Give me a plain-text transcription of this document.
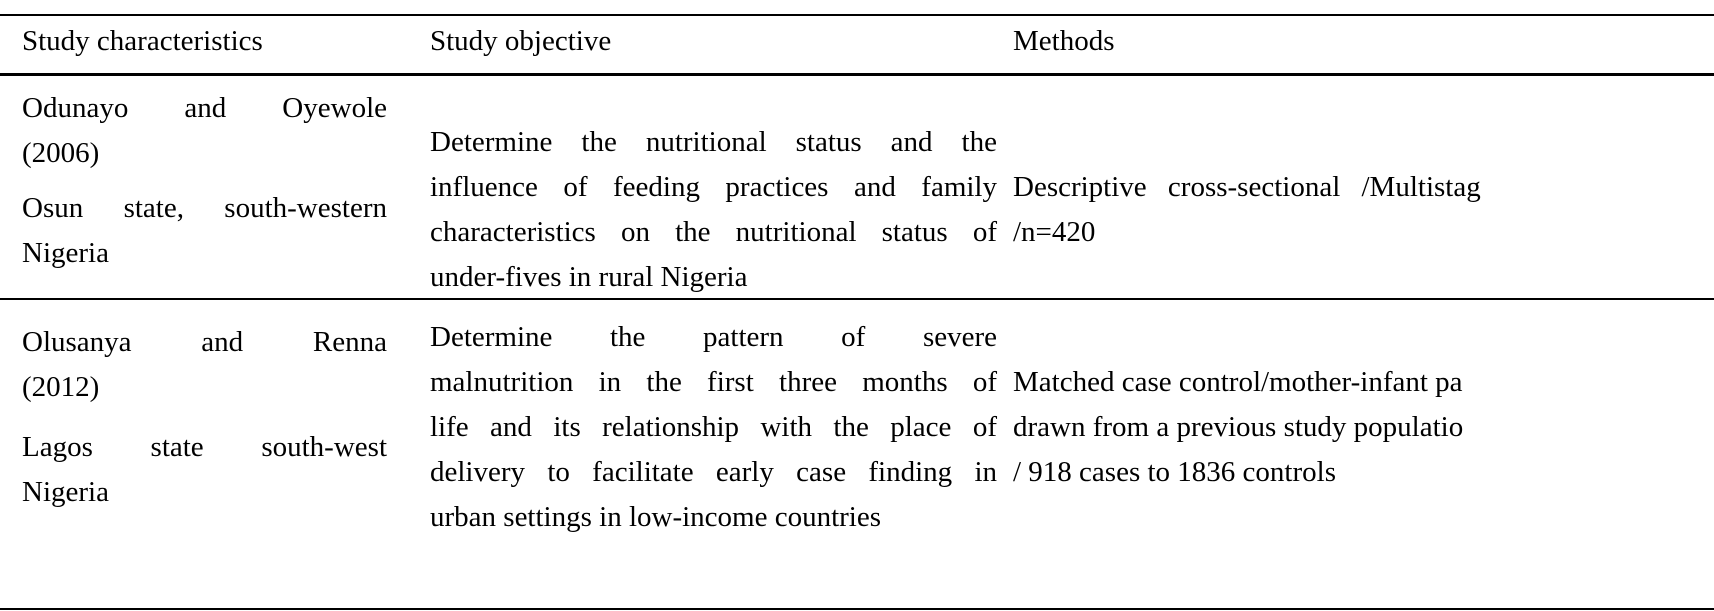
Study characteristics	Study objective	Methods
Odunayo and Oyewole
(2006)
Osun state, south-western
Nigeria
Determine the nutritional status and the
influence of feeding practices and family
characteristics on the nutritional status of
under-fives in rural Nigeria
Descriptive cross-sectional /Multistag
/n=420
Olusanya and Renna
(2012)
Lagos state south-west
Nigeria
Determine the pattern of severe
malnutrition in the first three months of
life and its relationship with the place of
delivery to facilitate early case finding in
urban settings in low-income countries
Matched case control/mother-infant pa
drawn from a previous study populatio
/ 918 cases to 1836 controls
